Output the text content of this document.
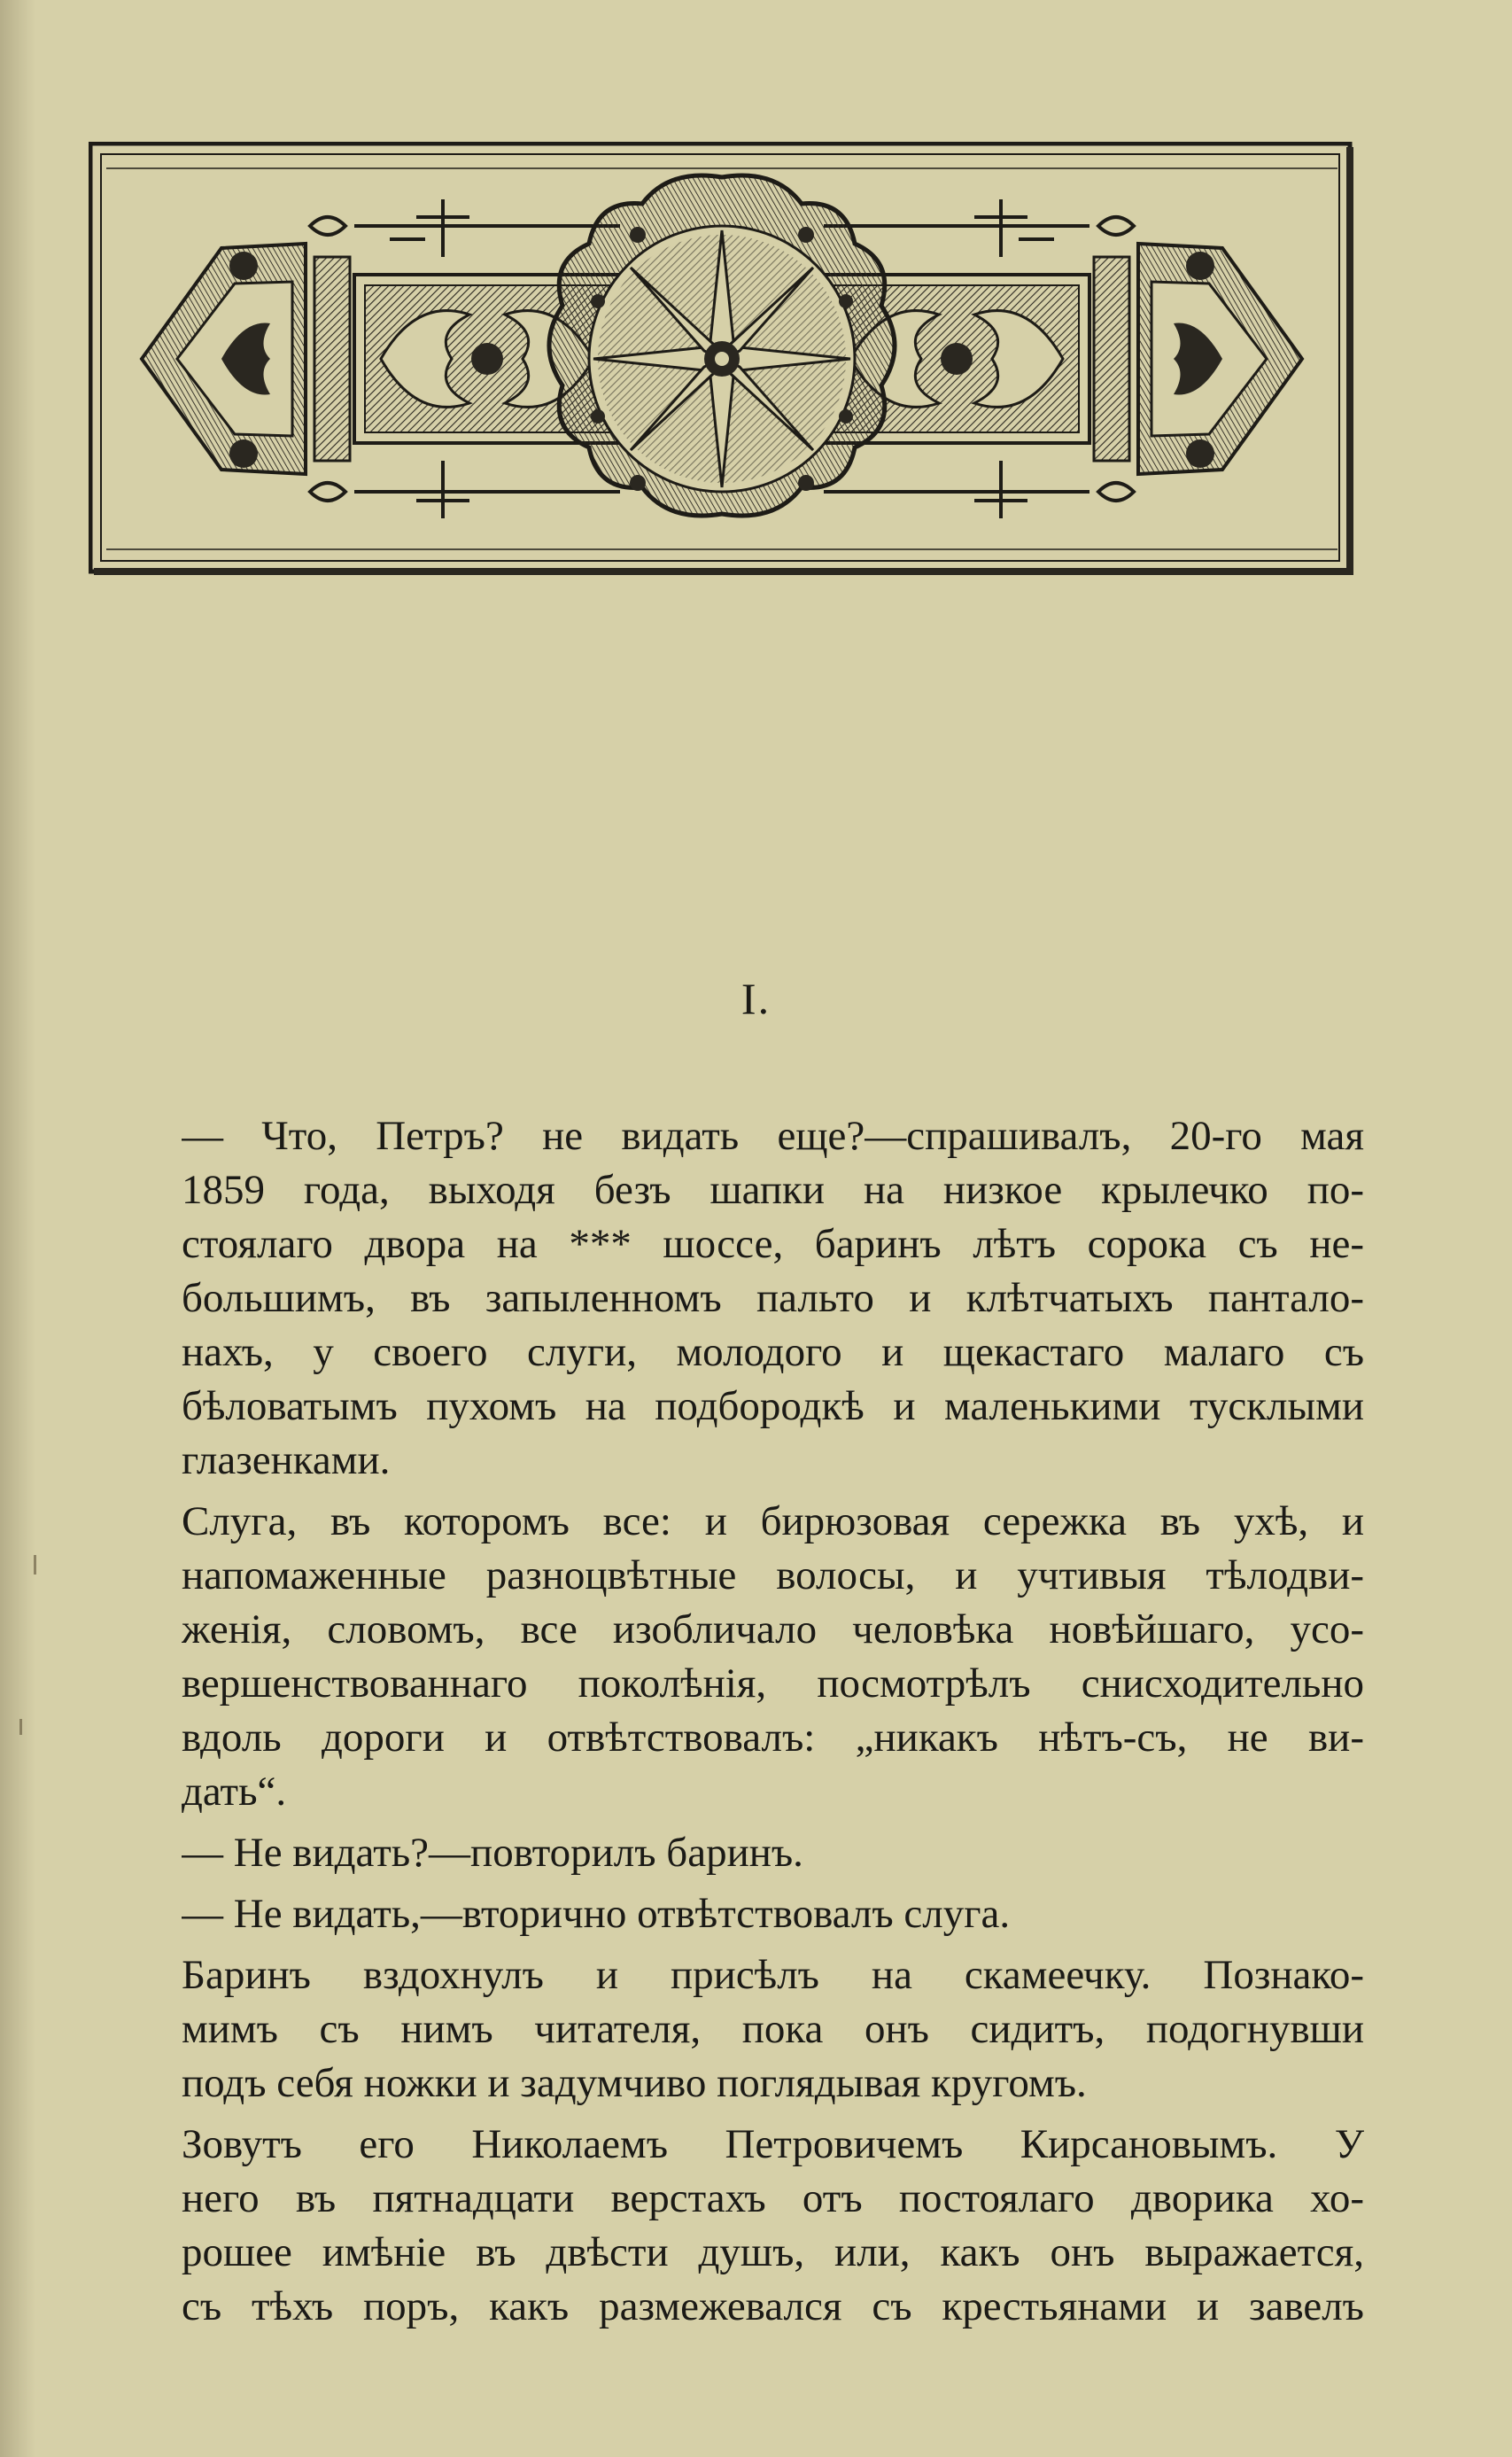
I.
— Что, Петръ? не видать еще?—спрашивалъ, 20-го мая
1859 года, выходя безъ шапки на низкое крылечко по-
стоялаго двора на *** шоссе, баринъ лѣтъ сорока съ не-
большимъ, въ запыленномъ пальто и клѣтчатыхъ пантало-
нахъ, у своего слуги, молодого и щекастаго малаго съ
бѣловатымъ пухомъ на подбородкѣ и маленькими тусклыми
глазенками.
Слуга, въ которомъ все: и бирюзовая сережка въ ухѣ, и
напомаженные разноцвѣтные волосы, и учтивыя тѣлодви-
женія, словомъ, все изобличало человѣка новѣйшаго, усо-
вершенствованнаго поколѣнія, посмотрѣлъ снисходительно
вдоль дороги и отвѣтствовалъ: „никакъ нѣтъ-съ, не ви-
дать“.
— Не видать?—повторилъ баринъ.
— Не видать,—вторично отвѣтствовалъ слуга.
Баринъ вздохнулъ и присѣлъ на скамеечку. Познако-
мимъ съ нимъ читателя, пока онъ сидитъ, подогнувши
подъ себя ножки и задумчиво поглядывая кругомъ.
Зовутъ его Николаемъ Петровичемъ Кирсановымъ. У
него въ пятнадцати верстахъ отъ постоялаго дворика хо-
рошее имѣніе въ двѣсти душъ, или, какъ онъ выражается,
съ тѣхъ поръ, какъ размежевался съ крестьянами и завелъ
